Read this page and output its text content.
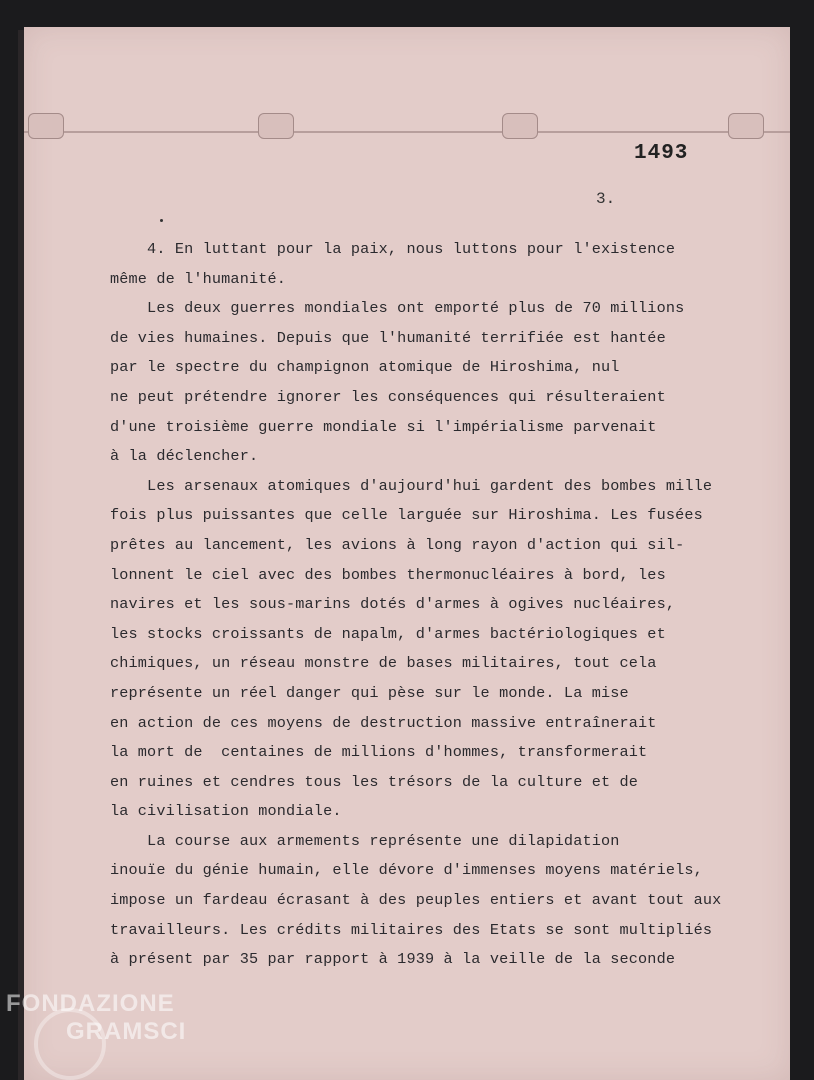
1493
3.
4. En luttant pour la paix, nous luttons pour l'existence
même de l'humanité.
Les deux guerres mondiales ont emporté plus de 70 millions
de vies humaines. Depuis que l'humanité terrifiée est hantée
par le spectre du champignon atomique de Hiroshima, nul
ne peut prétendre ignorer les conséquences qui résulteraient
d'une troisième guerre mondiale si l'impérialisme parvenait
à la déclencher.
Les arsenaux atomiques d'aujourd'hui gardent des bombes mille
fois plus puissantes que celle larguée sur Hiroshima. Les fusées
prêtes au lancement, les avions à long rayon d'action qui sil-
lonnent le ciel avec des bombes thermonucléaires à bord, les
navires et les sous-marins dotés d'armes à ogives nucléaires,
les stocks croissants de napalm, d'armes bactériologiques et
chimiques, un réseau monstre de bases militaires, tout cela
représente un réel danger qui pèse sur le monde. La mise
en action de ces moyens de destruction massive entraînerait
la mort de  centaines de millions d'hommes, transformerait
en ruines et cendres tous les trésors de la culture et de
la civilisation mondiale.
La course aux armements représente une dilapidation
inouïe du génie humain, elle dévore d'immenses moyens matériels,
impose un fardeau écrasant à des peuples entiers et avant tout aux
travailleurs. Les crédits militaires des Etats se sont multipliés
à présent par 35 par rapport à 1939 à la veille de la seconde
FONDAZIONE
GRAMSCI
